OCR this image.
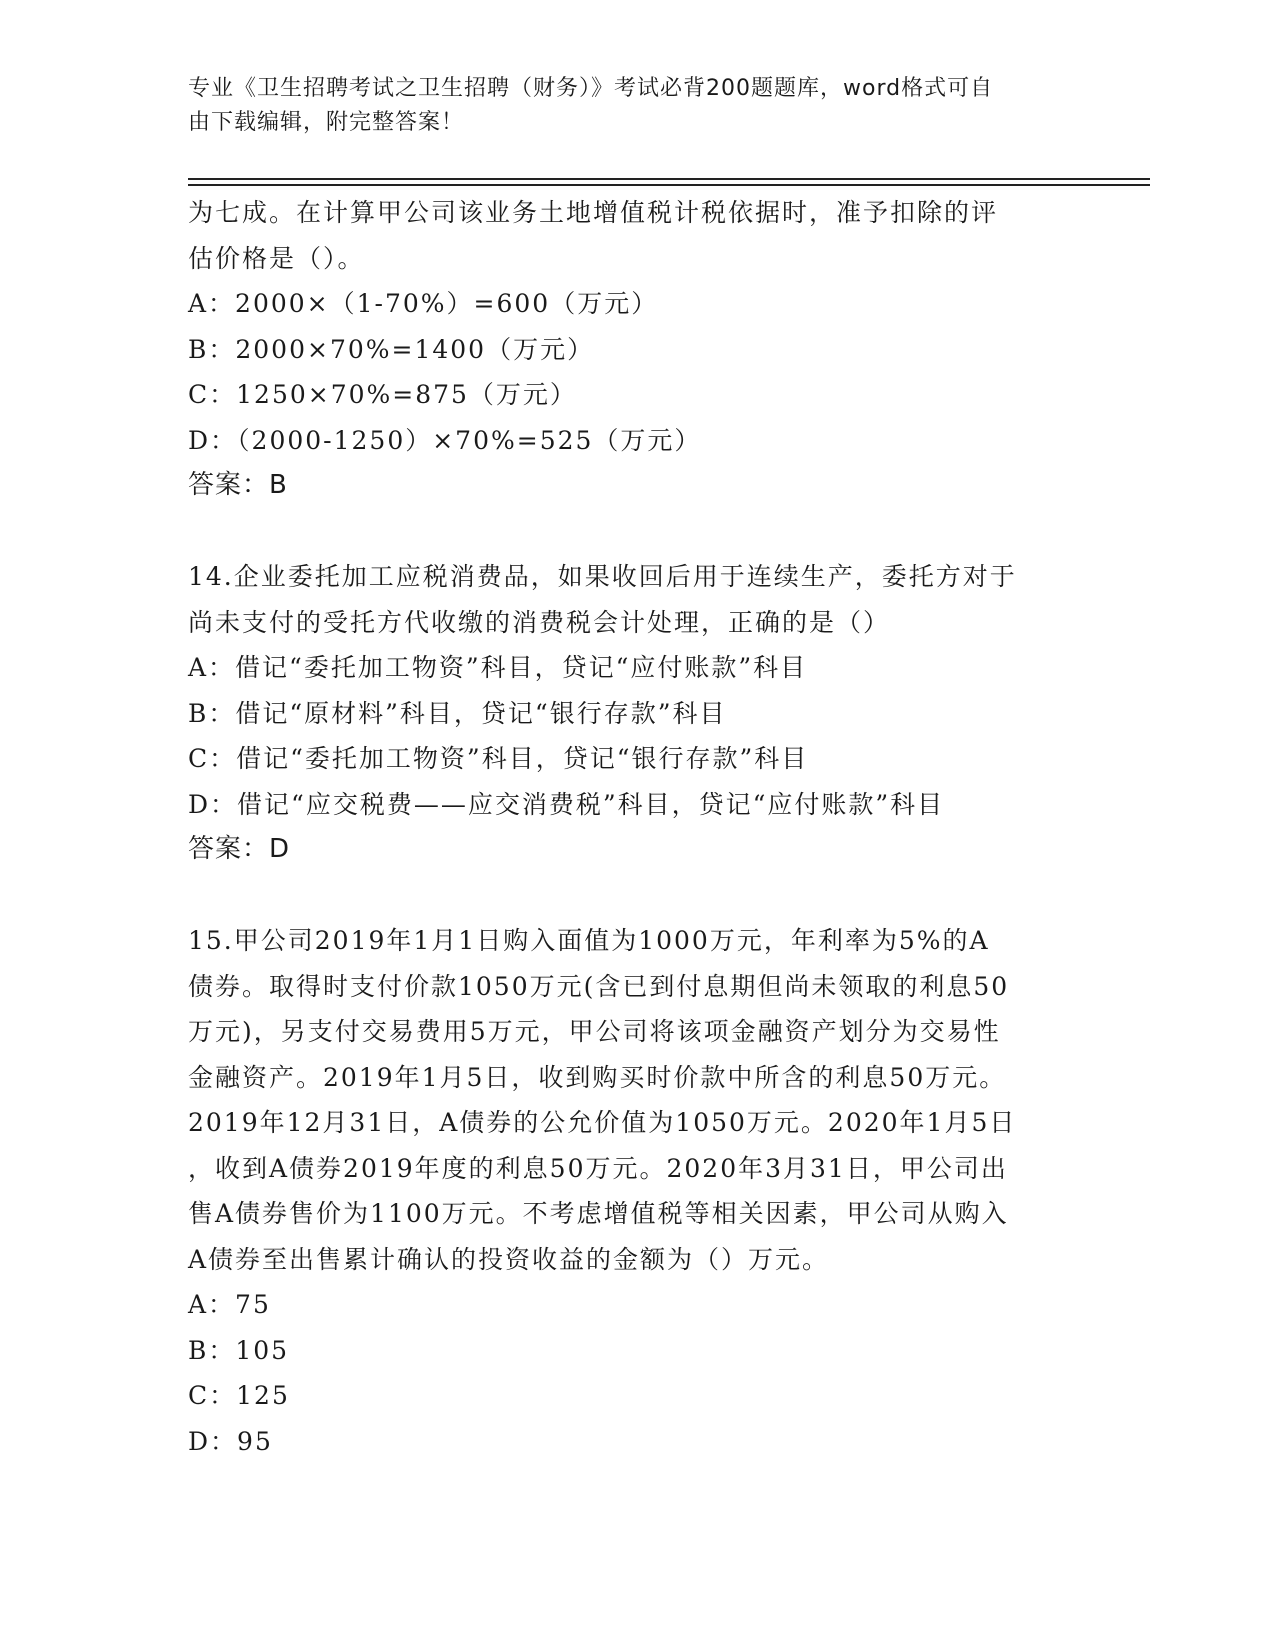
专业《卫生招聘考试之卫生招聘（财务）》考试必背200题题库，word格式可自
由下载编辑，附完整答案！
为七成。在计算甲公司该业务土地增值税计税依据时，准予扣除的评
估价格是（）。
A：2000×（1-70%）=600（万元）
B：2000×70%=1400（万元）
C：1250×70%=875（万元）
D：（2000-1250）×70%=525（万元）
答案：B
14.企业委托加工应税消费品，如果收回后用于连续生产，委托方对于
尚未支付的受托方代收缴的消费税会计处理，正确的是（）
A：借记“委托加工物资”科目，贷记“应付账款”科目
B：借记“原材料”科目，贷记“银行存款”科目
C：借记“委托加工物资”科目，贷记“银行存款”科目
D：借记“应交税费——应交消费税”科目，贷记“应付账款”科目
答案：D
15.甲公司2019年1月1日购入面值为1000万元，年利率为5%的A
债券。取得时支付价款1050万元(含已到付息期但尚未领取的利息50
万元)，另支付交易费用5万元，甲公司将该项金融资产划分为交易性
金融资产。2019年1月5日，收到购买时价款中所含的利息50万元。
2019年12月31日，A债券的公允价值为1050万元。2020年1月5日
，收到A债券2019年度的利息50万元。2020年3月31日，甲公司出
售A债券售价为1100万元。不考虑增值税等相关因素，甲公司从购入
A债券至出售累计确认的投资收益的金额为（）万元。
A：75
B：105
C：125
D：95
